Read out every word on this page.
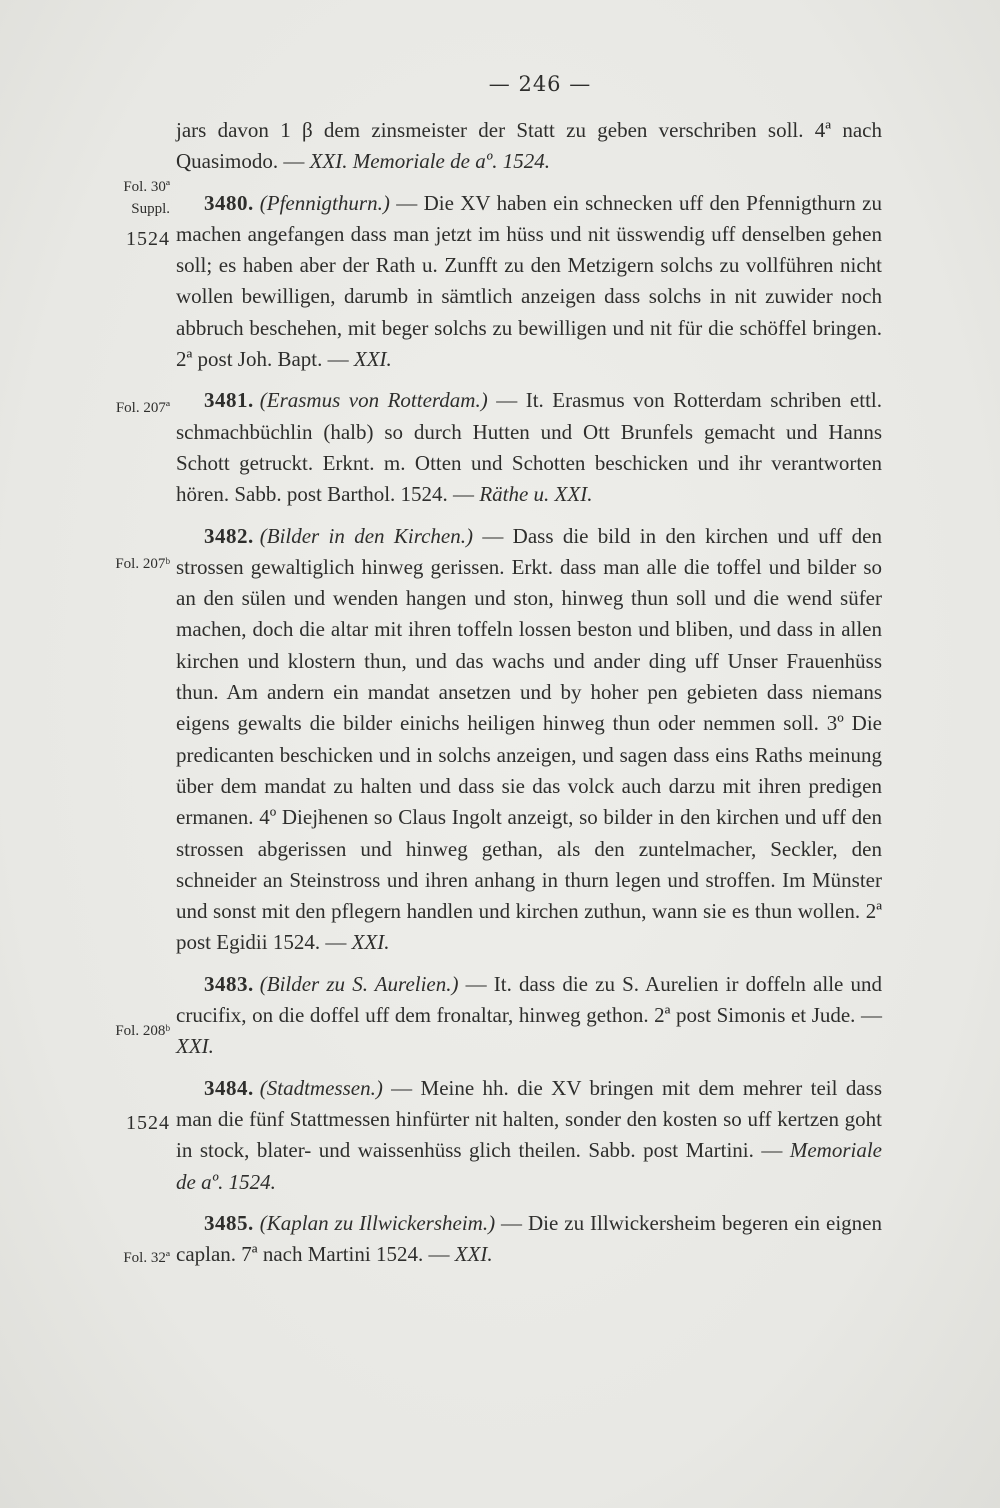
— 246 —
Fol. 30ª
Suppl.
1524
Fol. 207ª
Fol. 207ᵇ
Fol. 208ᵇ
1524
Fol. 32ª

jars davon 1 β dem zinsmeister der Statt zu geben verschriben soll. 4ª nach Quasimodo. — XXI. Memoriale de aº. 1524.

3480. (Pfennigthurn.) — Die XV haben ein schnecken uff den Pfennigthurn zu machen angefangen dass man jetzt im hüss und nit üsswendig uff denselben gehen soll; es haben aber der Rath u. Zunfft zu den Metzigern solchs zu vollführen nicht wollen bewilligen, darumb in sämtlich anzeigen dass solchs in nit zuwider noch abbruch beschehen, mit beger solchs zu bewilligen und nit für die schöffel bringen. 2ª post Joh. Bapt. — XXI.

3481. (Erasmus von Rotterdam.) — It. Erasmus von Rotterdam schriben ettl. schmachbüchlin (halb) so durch Hutten und Ott Brunfels gemacht und Hanns Schott getruckt. Erknt. m. Otten und Schotten beschicken und ihr verantworten hören. Sabb. post Barthol. 1524. — Räthe u. XXI.

3482. (Bilder in den Kirchen.) — Dass die bild in den kirchen und uff den strossen gewaltiglich hinweg gerissen. Erkt. dass man alle die toffel und bilder so an den sülen und wenden hangen und ston, hinweg thun soll und die wend süfer machen, doch die altar mit ihren toffeln lossen beston und bliben, und dass in allen kirchen und klostern thun, und das wachs und ander ding uff Unser Frauenhüss thun. Am andern ein mandat ansetzen und by hoher pen gebieten dass niemans eigens gewalts die bilder einichs heiligen hinweg thun oder nemmen soll. 3º Die predicanten beschicken und in solchs anzeigen, und sagen dass eins Raths meinung über dem mandat zu halten und dass sie das volck auch darzu mit ihren predigen ermanen. 4º Diejhenen so Claus Ingolt anzeigt, so bilder in den kirchen und uff den strossen abgerissen und hinweg gethan, als den zuntelmacher, Seckler, den schneider an Steinstross und ihren anhang in thurn legen und stroffen. Im Münster und sonst mit den pflegern handlen und kirchen zuthun, wann sie es thun wollen. 2ª post Egidii 1524. — XXI.

3483. (Bilder zu S. Aurelien.) — It. dass die zu S. Aurelien ir doffeln alle und crucifix, on die doffel uff dem fronaltar, hinweg gethon. 2ª post Simonis et Jude. — XXI.

3484. (Stadtmessen.) — Meine hh. die XV bringen mit dem mehrer teil dass man die fünf Stattmessen hinfürter nit halten, sonder den kosten so uff kertzen goht in stock, blater- und waissenhüss glich theilen. Sabb. post Martini. — Memoriale de aº. 1524.

3485. (Kaplan zu Illwickersheim.) — Die zu Illwickersheim begeren ein eignen caplan. 7ª nach Martini 1524. — XXI.
